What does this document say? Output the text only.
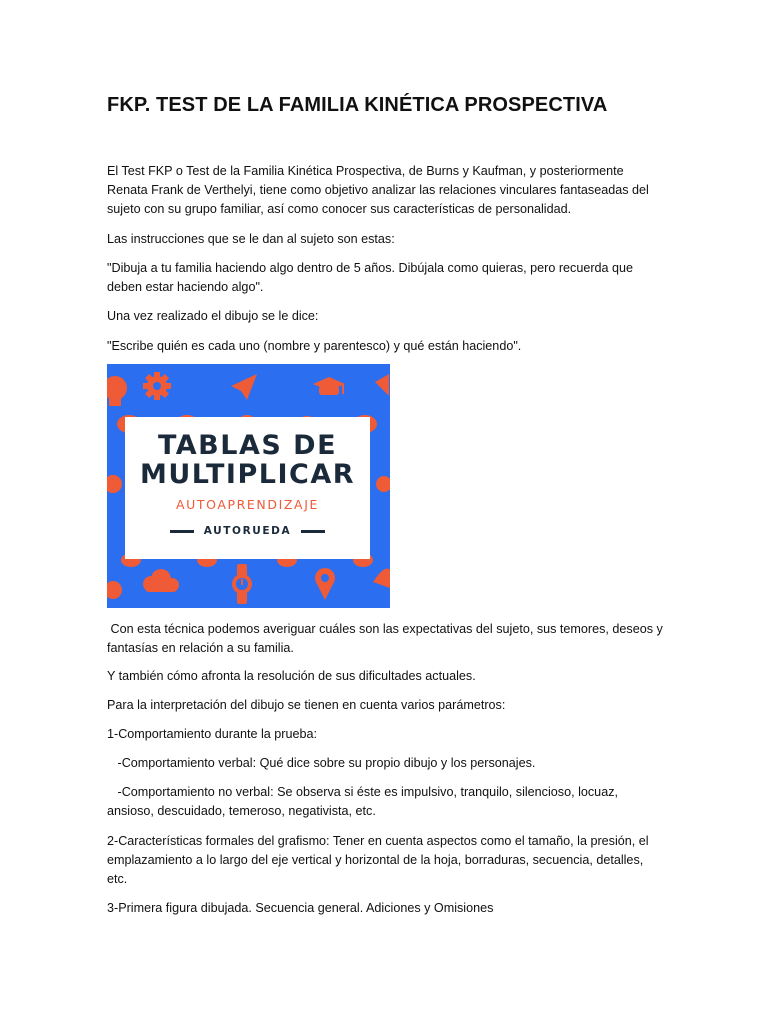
FKP. TEST DE LA FAMILIA KINÉTICA PROSPECTIVA

El Test FKP o Test de la Familia Kinética Prospectiva, de Burns y Kaufman, y posteriormente
Renata Frank de Verthelyi, tiene como objetivo analizar las relaciones vinculares fantaseadas del
sujeto con su grupo familiar, así como conocer sus características de personalidad.

Las instrucciones que se le dan al sujeto son estas:

"Dibuja a tu familia haciendo algo dentro de 5 años. Dibújala como quieras, pero recuerda que
deben estar haciendo algo".

Una vez realizado el dibujo se le dice:

"Escribe quién es cada uno (nombre y parentesco) y qué están haciendo".

TABLAS DE
MULTIPLICAR
AUTOAPRENDIZAJE
AUTORUEDA

Con esta técnica podemos averiguar cuáles son las expectativas del sujeto, sus temores, deseos y
fantasías en relación a su familia.

Y también cómo afronta la resolución de sus dificultades actuales.

Para la interpretación del dibujo se tienen en cuenta varios parámetros:

1-Comportamiento durante la prueba:

-Comportamiento verbal: Qué dice sobre su propio dibujo y los personajes.

-Comportamiento no verbal: Se observa si éste es impulsivo, tranquilo, silencioso, locuaz,
ansioso, descuidado, temeroso, negativista, etc.

2-Características formales del grafismo: Tener en cuenta aspectos como el tamaño, la presión, el
emplazamiento a lo largo del eje vertical y horizontal de la hoja, borraduras, secuencia, detalles,
etc.

3-Primera figura dibujada. Secuencia general. Adiciones y Omisiones
